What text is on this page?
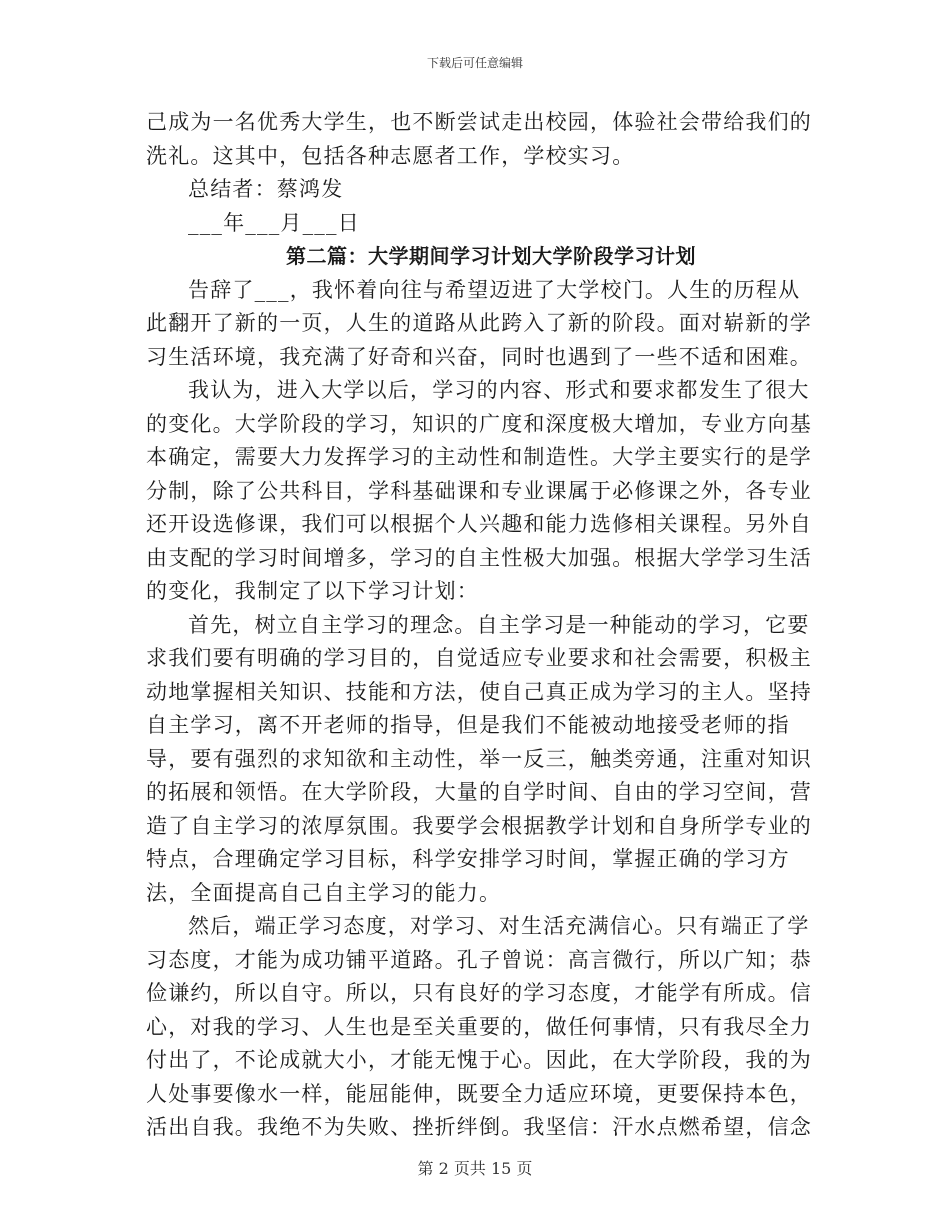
下载后可任意编辑

己成为一名优秀大学生，也不断尝试走出校园，体验社会带给我们的洗礼。这其中，包括各种志愿者工作，学校实习。

总结者：蔡鸿发

___年___月___日

第二篇：大学期间学习计划大学阶段学习计划

告辞了___，我怀着向往与希望迈进了大学校门。人生的历程从此翻开了新的一页，人生的道路从此跨入了新的阶段。面对崭新的学习生活环境，我充满了好奇和兴奋，同时也遇到了一些不适和困难。

我认为，进入大学以后，学习的内容、形式和要求都发生了很大的变化。大学阶段的学习，知识的广度和深度极大增加，专业方向基本确定，需要大力发挥学习的主动性和制造性。大学主要实行的是学分制，除了公共科目，学科基础课和专业课属于必修课之外，各专业还开设选修课，我们可以根据个人兴趣和能力选修相关课程。另外自由支配的学习时间增多，学习的自主性极大加强。根据大学学习生活的变化，我制定了以下学习计划：

首先，树立自主学习的理念。自主学习是一种能动的学习，它要求我们要有明确的学习目的，自觉适应专业要求和社会需要，积极主动地掌握相关知识、技能和方法，使自己真正成为学习的主人。坚持自主学习，离不开老师的指导，但是我们不能被动地接受老师的指导，要有强烈的求知欲和主动性，举一反三，触类旁通，注重对知识的拓展和领悟。在大学阶段，大量的自学时间、自由的学习空间，营造了自主学习的浓厚氛围。我要学会根据教学计划和自身所学专业的特点，合理确定学习目标，科学安排学习时间，掌握正确的学习方法，全面提高自己自主学习的能力。

然后，端正学习态度，对学习、对生活充满信心。只有端正了学习态度，才能为成功铺平道路。孔子曾说：高言微行，所以广知；恭俭谦约，所以自守。所以，只有良好的学习态度，才能学有所成。信心，对我的学习、人生也是至关重要的，做任何事情，只有我尽全力付出了，不论成就大小，才能无愧于心。因此，在大学阶段，我的为人处事要像水一样，能屈能伸，既要全力适应环境，更要保持本色，活出自我。我绝不为失败、挫折绊倒。我坚信：汗水点燃希望，信念

第 2 页共 15 页
